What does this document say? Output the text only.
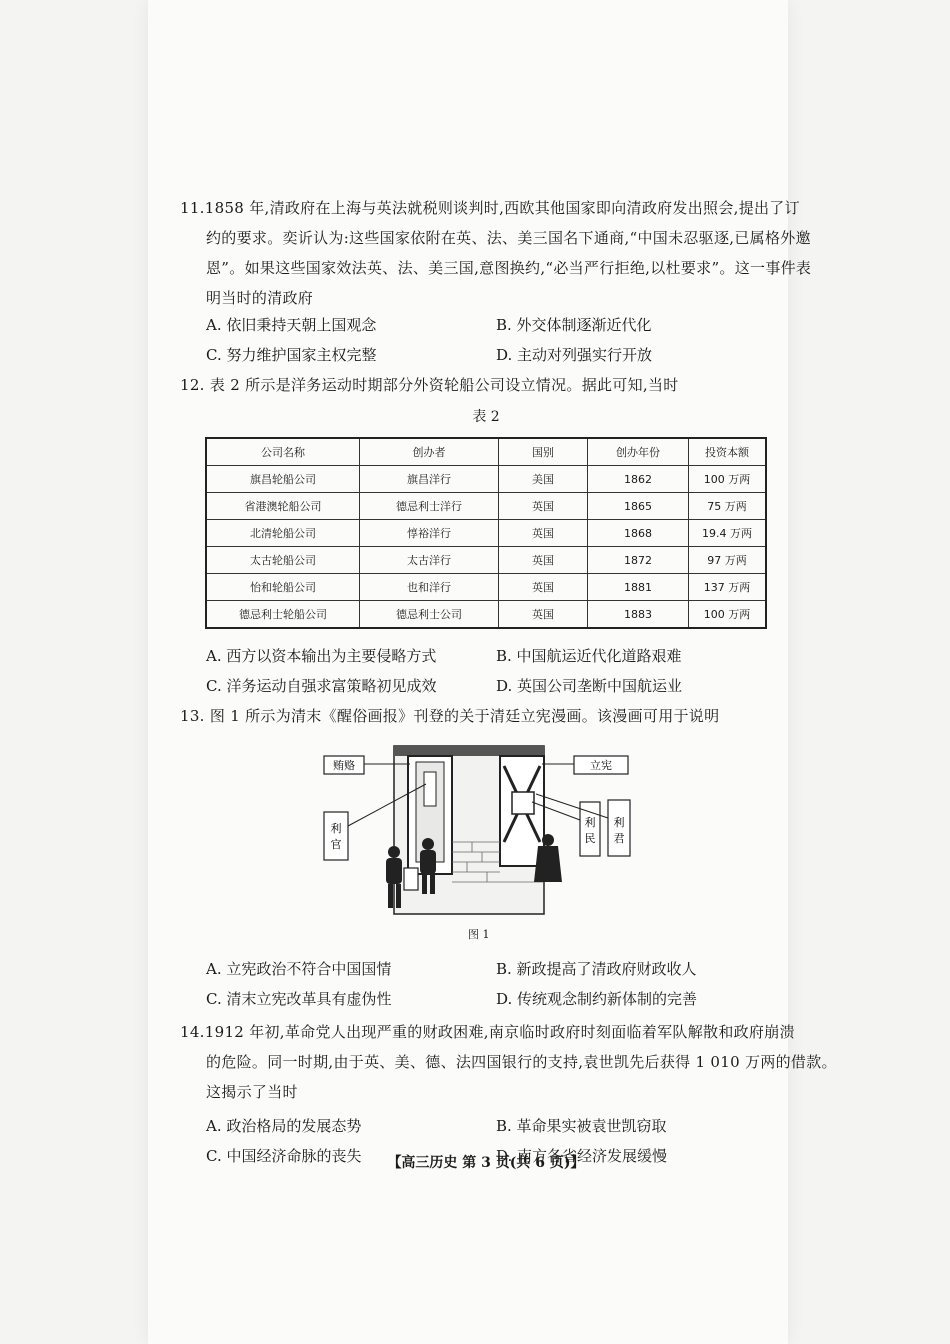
11.1858 年,清政府在上海与英法就税则谈判时,西欧其他国家即向清政府发出照会,提出了订
约的要求。奕䜣认为:这些国家依附在英、法、美三国名下通商,“中国未忍驱逐,已属格外邀
恩”。如果这些国家效法英、法、美三国,意图换约,“必当严行拒绝,以杜要求”。这一事件表
明当时的清政府
A. 依旧秉持天朝上国观念	B. 外交体制逐渐近代化
C. 努力维护国家主权完整	D. 主动对列强实行开放
12. 表 2 所示是洋务运动时期部分外资轮船公司设立情况。据此可知,当时
表 2
公司名称	创办者	国别	创办年份	投资本额
旗昌轮船公司	旗昌洋行	美国	1862	100 万两
省港澳轮船公司	德忌利士洋行	英国	1865	75 万两
北清轮船公司	惇裕洋行	英国	1868	19.4 万两
太古轮船公司	太古洋行	英国	1872	97 万两
怡和轮船公司	也和洋行	英国	1881	137 万两
德忌利士轮船公司	德忌利士公司	英国	1883	100 万两
A. 西方以资本输出为主要侵略方式	B. 中国航运近代化道路艰难
C. 洋务运动自强求富策略初见成效	D. 英国公司垄断中国航运业
13. 图 1 所示为清末《醒俗画报》刊登的关于清廷立宪漫画。该漫画可用于说明
贿赂	立宪
利官
利民
利君
图 1
A. 立宪政治不符合中国国情	B. 新政提高了清政府财政收人
C. 清末立宪改革具有虚伪性	D. 传统观念制约新体制的完善
14.1912 年初,革命党人出现严重的财政困难,南京临时政府时刻面临着军队解散和政府崩溃
的危险。同一时期,由于英、美、德、法四国银行的支持,袁世凯先后获得 1 010 万两的借款。
这揭示了当时
A. 政治格局的发展态势	B. 革命果实被袁世凯窃取
C. 中国经济命脉的丧失	D. 南方各省经济发展缓慢
【高三历史 第 3 页(共 6 页)】
